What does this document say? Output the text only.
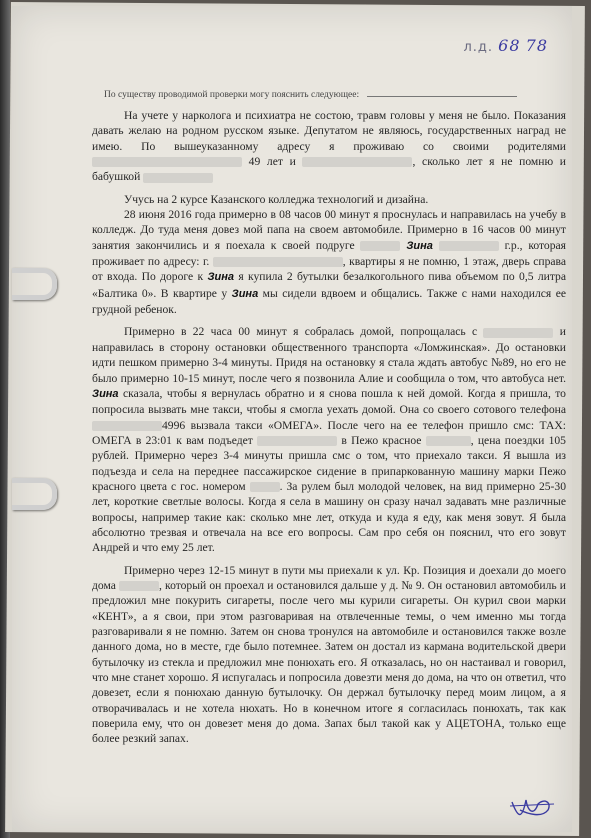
л.д. 68 78
По существу проводимой проверки могу пояснить следующее:

На учете у нарколога и психиатра не состою, травм головы у меня не было. Показания давать желаю на родном русском языке. Депутатом не являюсь, государственных наград не имею. По вышеуказанному адресу я проживаю со своими родителями  49 лет и	, сколько лет я не помню и бабушкой

Учусь на 2 курсе Казанского колледжа технологий и дизайна.

28 июня 2016 года примерно в 08 часов 00 минут я проснулась и направилась на учебу в колледж. До туда меня довез мой папа на своем автомобиле. Примерно в 16 часов 00 минут занятия закончились и я поехала к своей подруге	Зина	г.р., которая проживает по адресу: г.	, квартиры я не помню, 1 этаж, дверь справа от входа. По дороге к Зина я купила 2 бутылки безалкогольного пива объемом по 0,5 литра «Балтика 0». В квартире у Зина мы сидели вдвоем и общались. Также с нами находился ее грудной ребенок.

Примерно в 22 часа 00 минут я собралась домой, попрощалась с	и направилась в сторону остановки общественного транспорта «Ломжинская». До остановки идти пешком примерно 3-4 минуты. Придя на остановку я стала ждать автобус №89, но его не было примерно 10-15 минут, после чего я позвонила Алие и сообщила о том, что автобуса нет. Зина сказала, чтобы я вернулась обратно и я снова пошла к ней домой. Когда я пришла, то попросила вызвать мне такси, чтобы я смогла уехать домой. Она со своего сотового телефона 4996 вызвала такси «ОМЕГА». После чего на ее телефон пришло смс: ТАХ: ОМЕГА в 23:01 к вам подъедет	в Пежо красное	, цена поездки 105 рублей. Примерно через 3-4 минуты пришла смс о том, что приехало такси. Я вышла из подъезда и села на переднее пассажирское сидение в припаркованную машину марки Пежо красного цвета с гос. номером	. За рулем был молодой человек, на вид примерно 25-30 лет, короткие светлые волосы. Когда я села в машину он сразу начал задавать мне различные вопросы, например такие как: сколько мне лет, откуда и куда я еду, как меня зовут. Я была абсолютно трезвая и отвечала на все его вопросы. Сам про себя он пояснил, что его зовут Андрей и что ему 25 лет.

Примерно через 12-15 минут в пути мы приехали к ул. Кр. Позиция и доехали до моего дома	, который он проехал и остановился дальше у д. № 9. Он остановил автомобиль и предложил мне покурить сигареты, после чего мы курили сигареты. Он курил свои марки «КЕНТ», а я свои, при этом разговаривая на отвлеченные темы, о чем именно мы тогда разговаривали я не помню. Затем он снова тронулся на автомобиле и остановился также возле данного дома, но в месте, где было потемнее. Затем он достал из кармана водительской двери бутылочку из стекла и предложил мне понюхать его. Я отказалась, но он настаивал и говорил, что мне станет хорошо. Я испугалась и попросила довезти меня до дома, на что он ответил, что довезет, если я понюхаю данную бутылочку. Он держал бутылочку перед моим лицом, а я отворачивалась и не хотела нюхать. Но в конечном итоге я согласилась понюхать, так как поверила ему, что он довезет меня до дома. Запах был такой как у АЦЕТОНА, только еще более резкий запах.
